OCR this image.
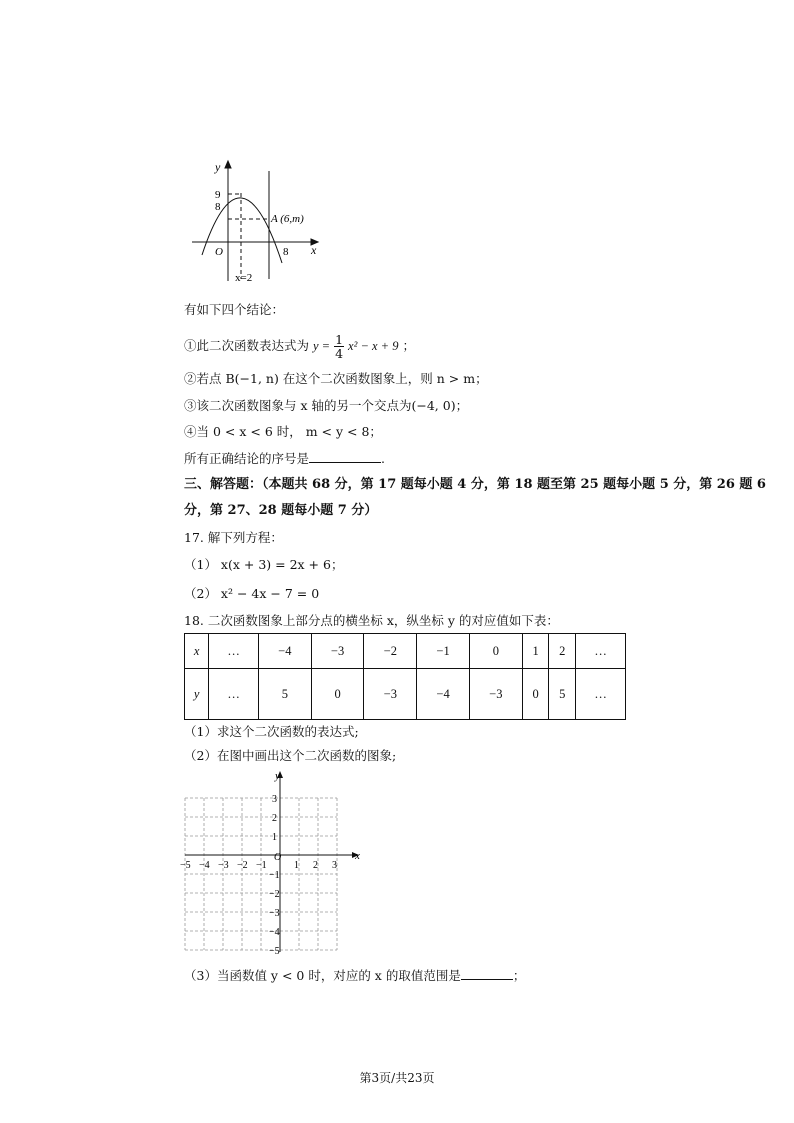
y
x
9
8
O	8
A (6,m)
x=2
有如下四个结论：
①此二次函数表达式为 $y = \frac{1}{4} x^2 - x + 9$ ；
②若点 B(−1, n) 在这个二次函数图象上，则 n > m；
③该二次函数图象与 x 轴的另一个交点为(−4, 0)；
④当 0 < x < 6 时， m < y < 8；
所有正确结论的序号是	.
三、解答题：（本题共 68 分，第 17 题每小题 4 分，第 18 题至第 25 题每小题 5 分，第 26 题 6
分，第 27、28 题每小题 7 分）
17. 解下列方程：
（1） x(x + 3) = 2x + 6；
（2） x² − 4x − 7 = 0
18. 二次函数图象上部分点的横坐标 x，纵坐标 y 的对应值如下表：
x	…	−4	−3	−2	−1	0	1	2	…
y	…	5	0	−3	−4	−3	0	5	…
（1）求这个二次函数的表达式;
（2）在图中画出这个二次函数的图象;
y
x
O
−5 −4 −3 −2 −1	1 2 3
3
2
1
−1
−2
−3
−4
−5
（3）当函数值 y < 0 时，对应的 x 的取值范围是	；
第3页/共23页
